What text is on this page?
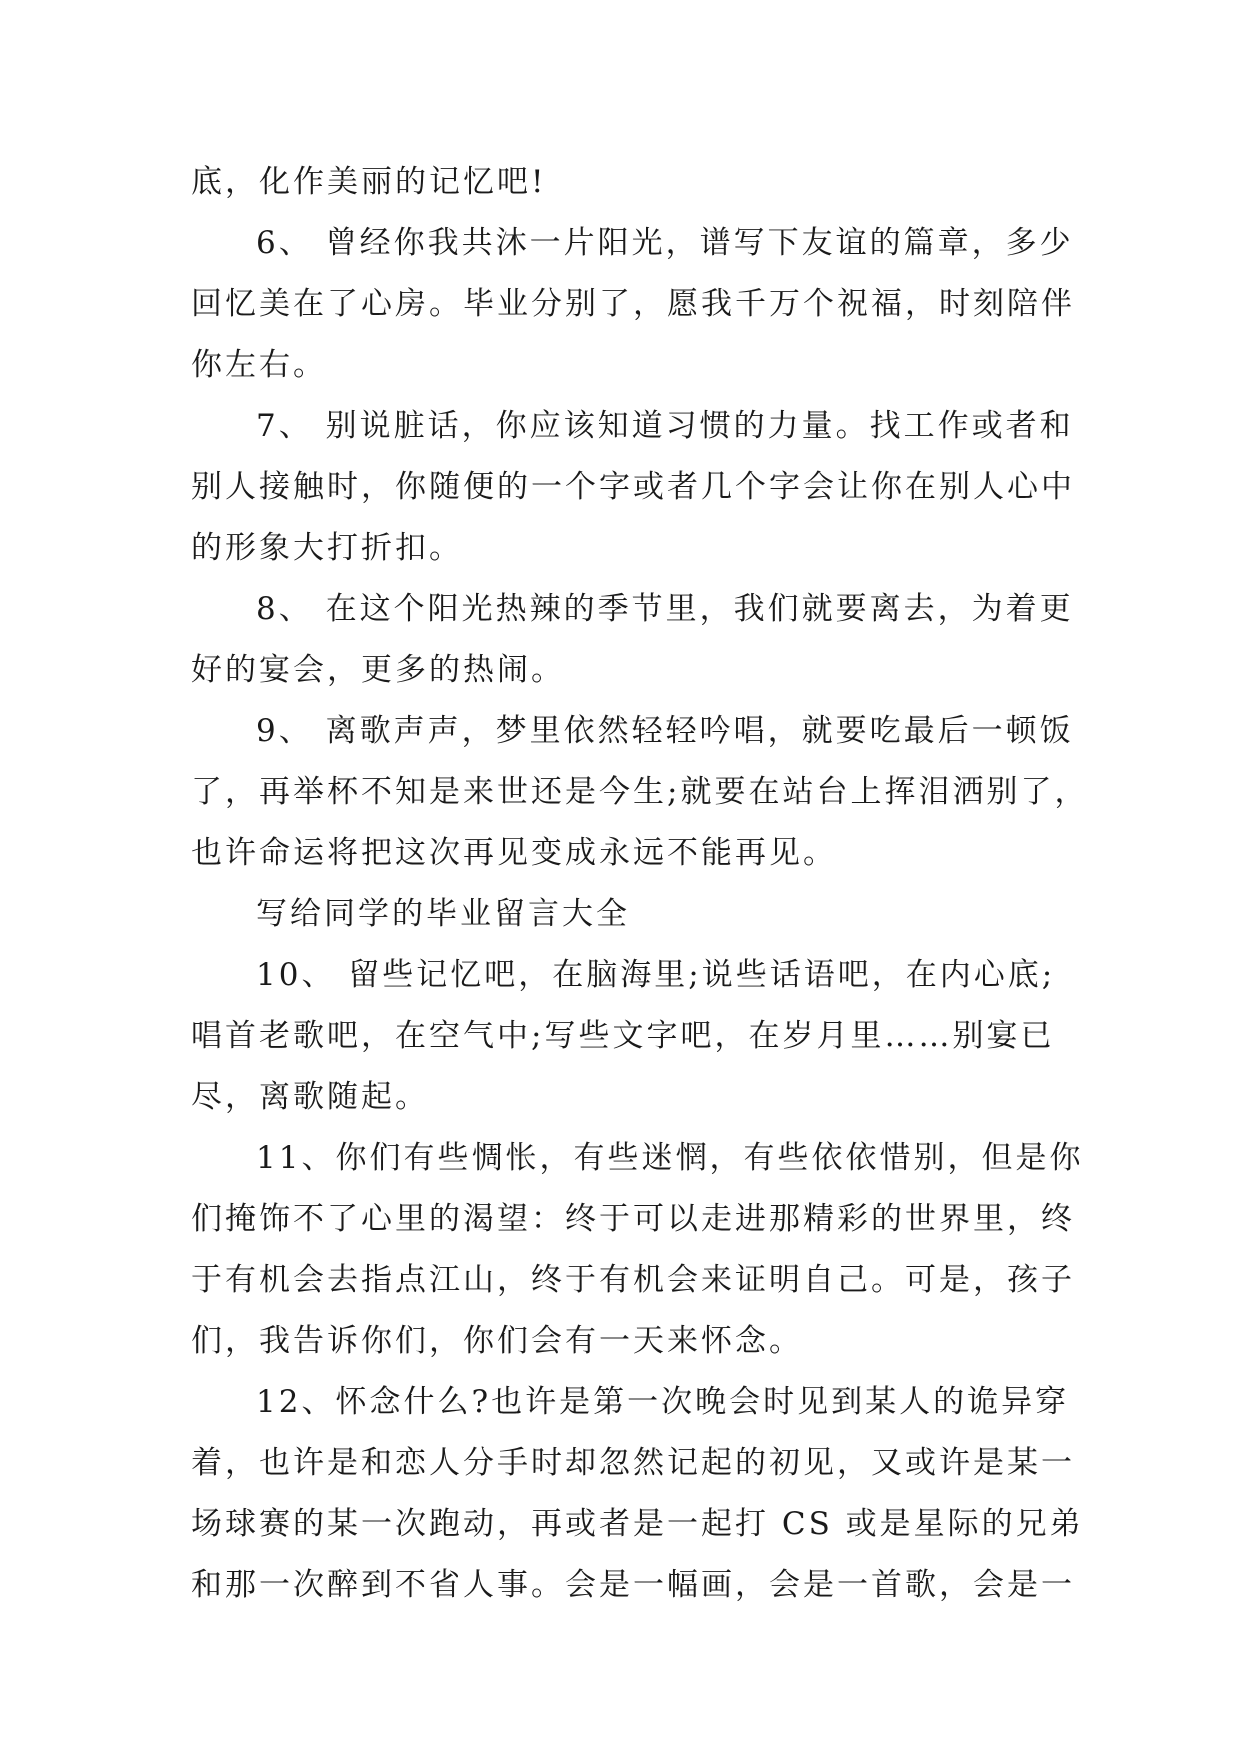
底，化作美丽的记忆吧!
6、 曾经你我共沐一片阳光，谱写下友谊的篇章，多少
回忆美在了心房。毕业分别了，愿我千万个祝福，时刻陪伴
你左右。
7、 别说脏话，你应该知道习惯的力量。找工作或者和
别人接触时，你随便的一个字或者几个字会让你在别人心中
的形象大打折扣。
8、 在这个阳光热辣的季节里，我们就要离去，为着更
好的宴会，更多的热闹。
9、 离歌声声，梦里依然轻轻吟唱，就要吃最后一顿饭
了，再举杯不知是来世还是今生;就要在站台上挥泪洒别了，
也许命运将把这次再见变成永远不能再见。
写给同学的毕业留言大全
10、 留些记忆吧，在脑海里;说些话语吧，在内心底;
唱首老歌吧，在空气中;写些文字吧，在岁月里……别宴已
尽，离歌随起。
11、你们有些惆怅，有些迷惘，有些依依惜别，但是你
们掩饰不了心里的渴望：终于可以走进那精彩的世界里，终
于有机会去指点江山，终于有机会来证明自己。可是，孩子
们，我告诉你们，你们会有一天来怀念。
12、怀念什么?也许是第一次晚会时见到某人的诡异穿
着，也许是和恋人分手时却忽然记起的初见，又或许是某一
场球赛的某一次跑动，再或者是一起打 CS 或是星际的兄弟
和那一次醉到不省人事。会是一幅画，会是一首歌，会是一
